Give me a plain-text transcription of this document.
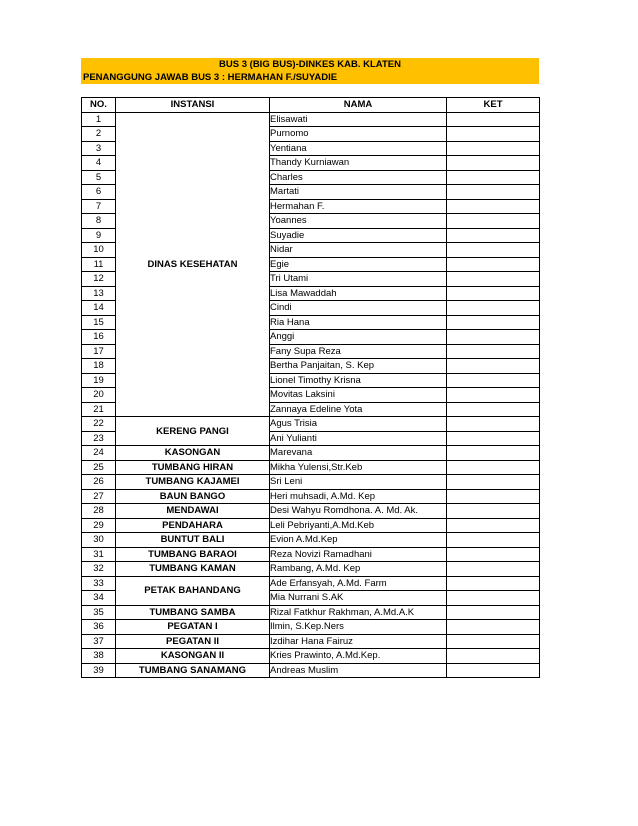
BUS 3 (BIG BUS)-DINKES KAB. KLATEN
PENANGGUNG JAWAB BUS 3 : HERMAHAN F./SUYADIE
NO.	INSTANSI	NAMA	KET
1	DINAS KESEHATAN	Elisawati	
2		Purnomo	
3		Yentiana	
4		Thandy Kurniawan	
5		Charles	
6		Martati	
7		Hermahan F.	
8		Yoannes	
9		Suyadie	
10		Nidar	
11		Egie	
12		Tri Utami	
13		Lisa Mawaddah	
14		Cindi	
15		Ria Hana	
16		Anggi	
17		Fany Supa Reza	
18		Bertha Panjaitan, S. Kep	
19		Lionel Timothy Krisna	
20		Movitas Laksini	
21		Zannaya Edeline Yota	
22	KERENG PANGI	Agus Trisia	
23		Ani Yulianti	
24	KASONGAN	Marevana	
25	TUMBANG HIRAN	Mikha Yulensi,Str.Keb	
26	TUMBANG KAJAMEI	Sri Leni	
27	BAUN BANGO	Heri muhsadi, A.Md. Kep	
28	MENDAWAI	Desi Wahyu Romdhona. A. Md. Ak.	
29	PENDAHARA	Leli Pebriyanti,A.Md.Keb	
30	BUNTUT BALI	Evion A.Md.Kep	
31	TUMBANG BARAOI	Reza Novizi Ramadhani	
32	TUMBANG KAMAN	Rambang, A.Md. Kep	
33	PETAK BAHANDANG	Ade Erfansyah, A.Md. Farm	
34		Mia Nurrani S.AK	
35	TUMBANG SAMBA	Rizal Fatkhur Rakhman, A.Md.A.K	
36	PEGATAN I	Ilmin, S.Kep.Ners	
37	PEGATAN II	Izdihar Hana Fairuz	
38	KASONGAN II	Kries Prawinto, A.Md.Kep.	
39	TUMBANG SANAMANG	Andreas Muslim	
